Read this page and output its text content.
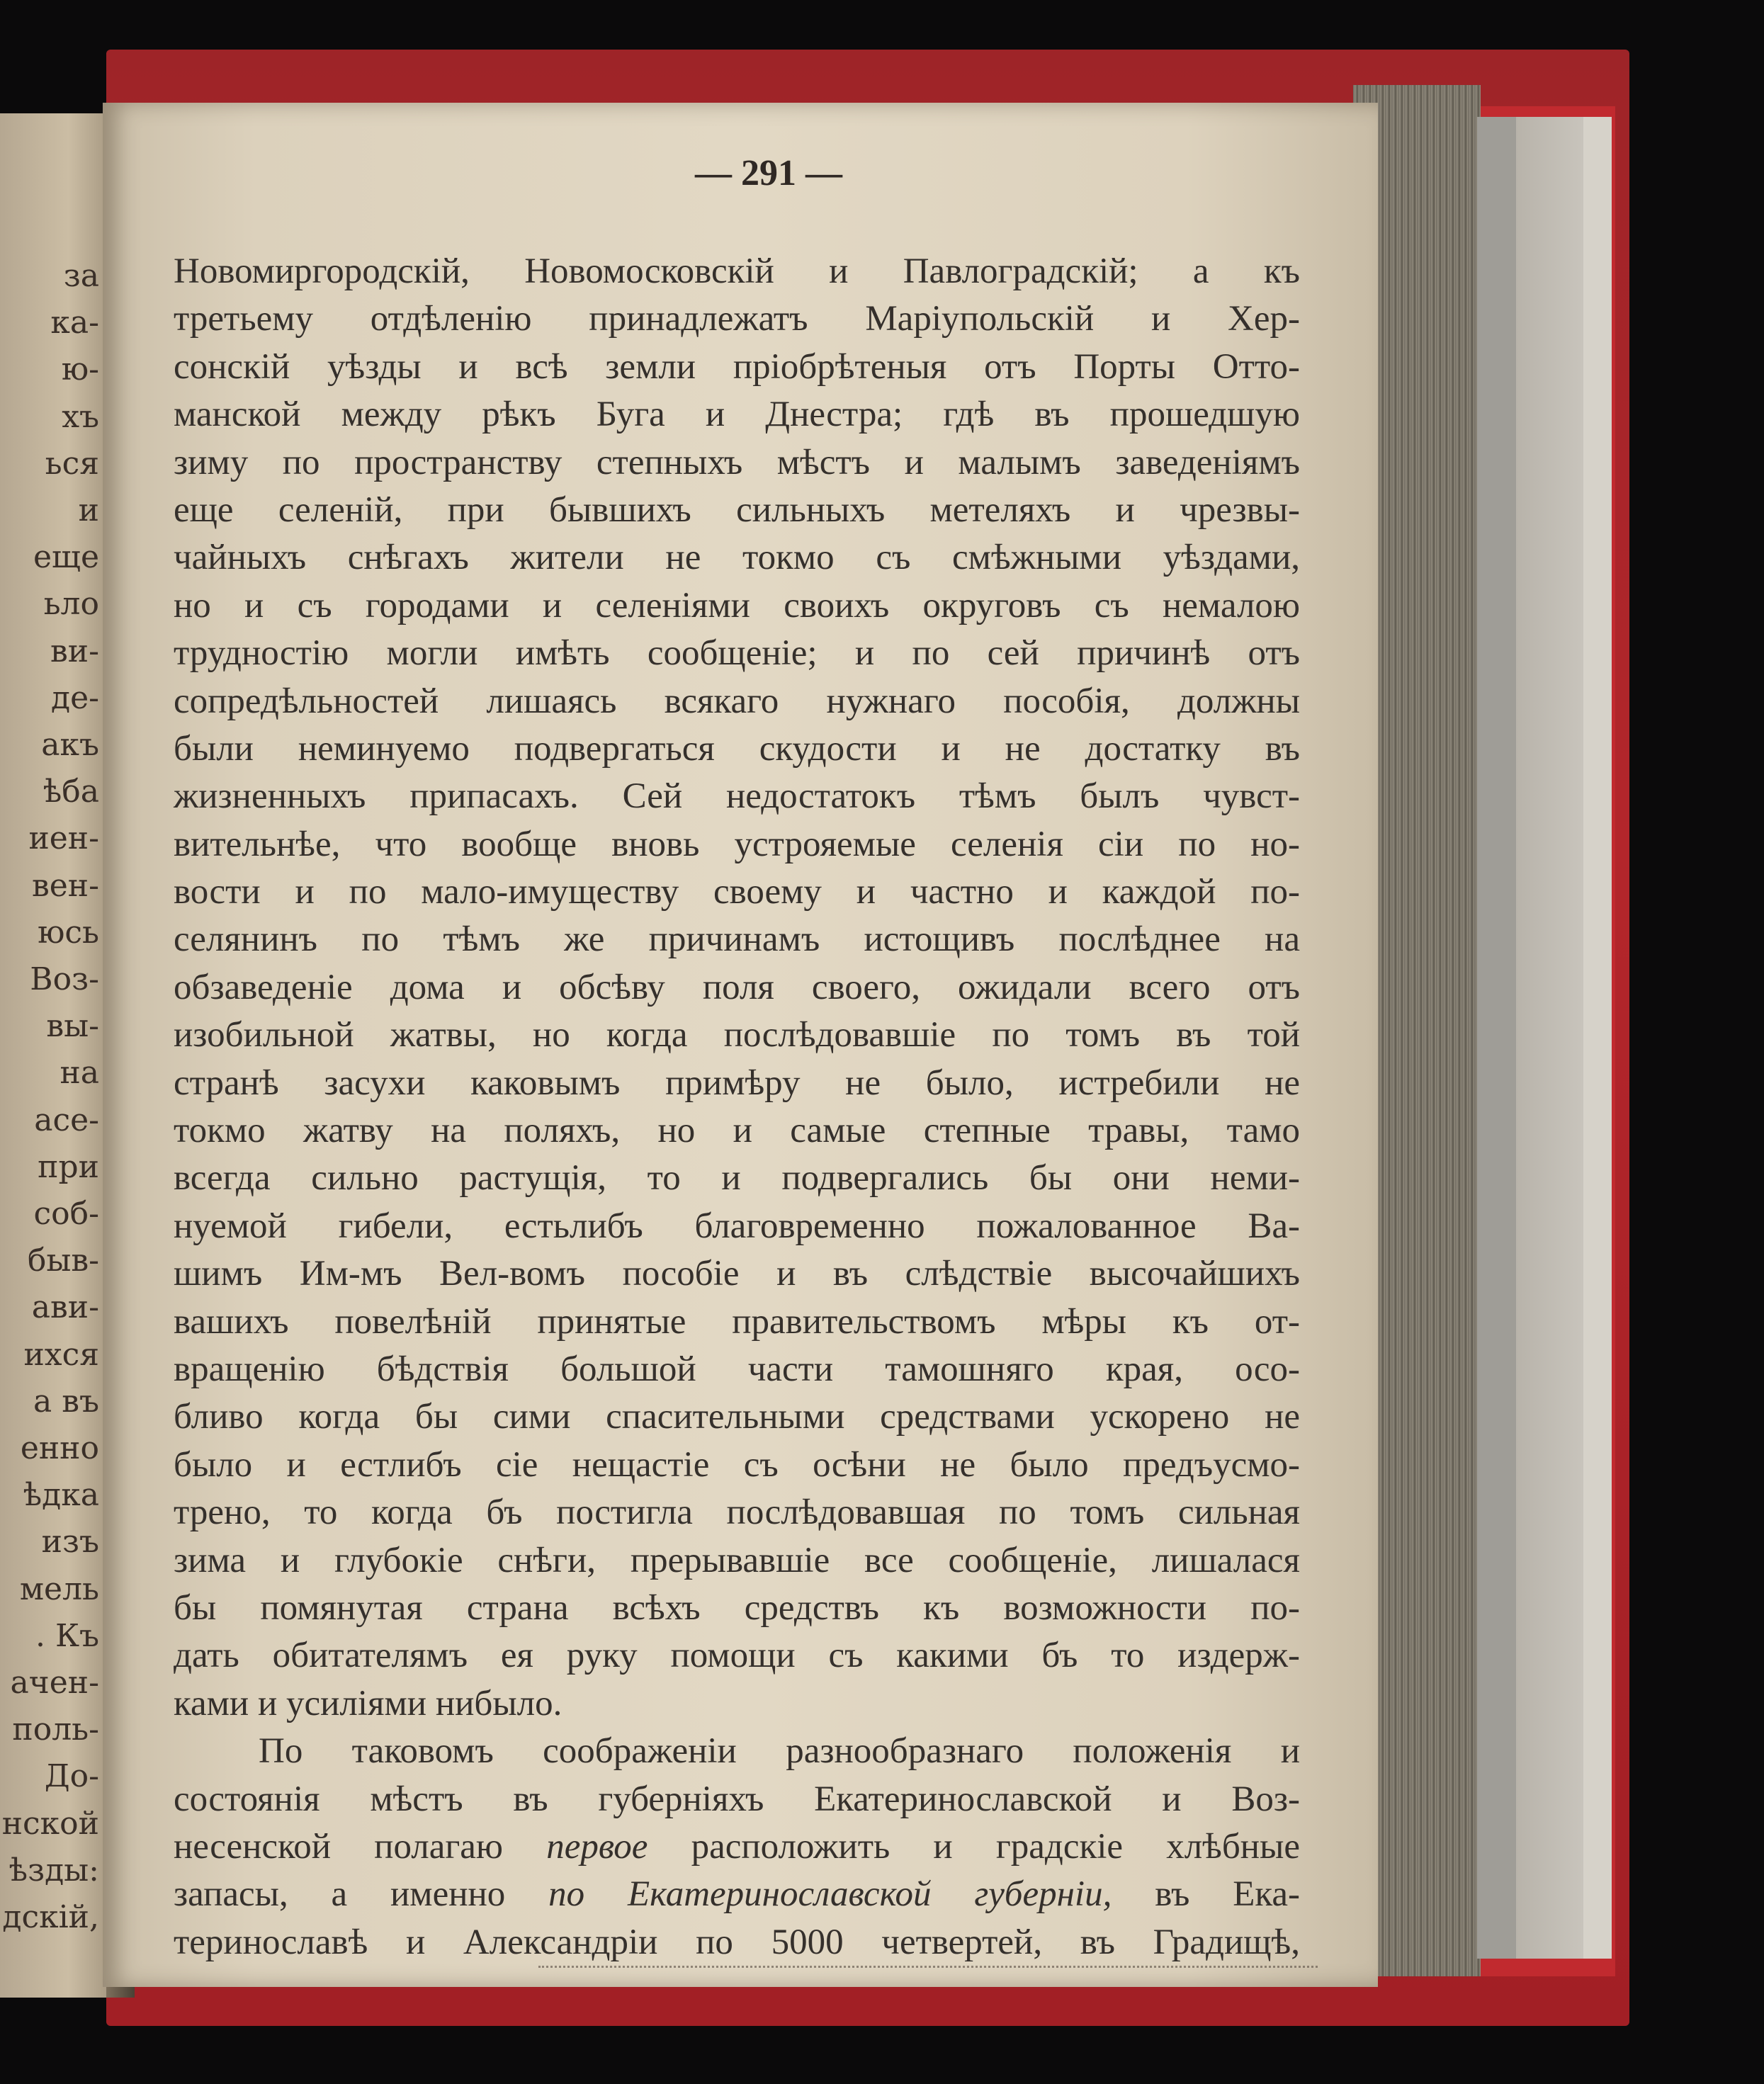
за
ка-
ю-
хъ
ься
и
еще
ьло
ви-
де-
акъ
ѣба
иен-
вен-
юсь
Воз-
вы-
на
асе-
при
соб-
быв-
ави-
ихся
а въ
енно
ѣдка
изъ
мель
. Къ
ачен-
поль-
До-
нской
ѣзды:
дскій,
— 291 —
Новомиргородскій, Новомосковскій и Павлоградскій; а къ
третьему отдѣленію принадлежатъ Маріупольскій и Хер-
сонскій уѣзды и всѣ земли пріобрѣтеныя отъ Порты Отто-
манской между рѣкъ Буга и Днестра; гдѣ въ прошедшую
зиму по пространству степныхъ мѣстъ и малымъ заведеніямъ
еще селеній, при бывшихъ сильныхъ метеляхъ и чрезвы-
чайныхъ снѣгахъ жители не токмо съ смѣжными уѣздами,
но и съ городами и селеніями своихъ округовъ съ немалою
трудностію могли имѣть сообщеніе; и по сей причинѣ отъ
сопредѣльностей лишаясь всякаго нужнаго пособія, должны
были неминуемо подвергаться скудости и не достатку въ
жизненныхъ припасахъ. Сей недостатокъ тѣмъ былъ чувст-
вительнѣе, что вообще вновь устрояемые селенія сіи по но-
вости и по мало-имуществу своему и частно и каждой по-
селянинъ по тѣмъ же причинамъ истощивъ послѣднее на
обзаведеніе дома и обсѣву поля своего, ожидали всего отъ
изобильной жатвы, но когда послѣдовавшіе по томъ въ той
странѣ засухи каковымъ примѣру не было, истребили не
токмо жатву на поляхъ, но и самые степные травы, тамо
всегда сильно растущія, то и подвергались бы они неми-
нуемой гибели, естьлибъ благовременно пожалованное Ва-
шимъ Им-мъ Вел-вомъ пособіе и въ слѣдствіе высочайшихъ
вашихъ повелѣній принятые правительствомъ мѣры къ от-
вращенію бѣдствія большой части тамошняго края, осо-
бливо когда бы сими спасительными средствами ускорено не
было и естлибъ сіе нещастіе съ осѣни не было предъусмо-
трено, то когда бъ постигла послѣдовавшая по томъ сильная
зима и глубокіе снѣги, прерывавшіе все сообщеніе, лишалася
бы помянутая страна всѣхъ средствъ къ возможности по-
дать обитателямъ ея руку помощи съ какими бъ то издерж-
ками и усиліями нибыло.
По таковомъ соображеніи разнообразнаго положенія и
состоянія мѣстъ въ губерніяхъ Екатеринославской и Воз-
несенской полагаю первое расположить и градскіе хлѣбные
запасы, а именно по Екатеринославской губерніи, въ Ека-
теринославѣ и Александріи по 5000 четвертей, въ Градищѣ,
